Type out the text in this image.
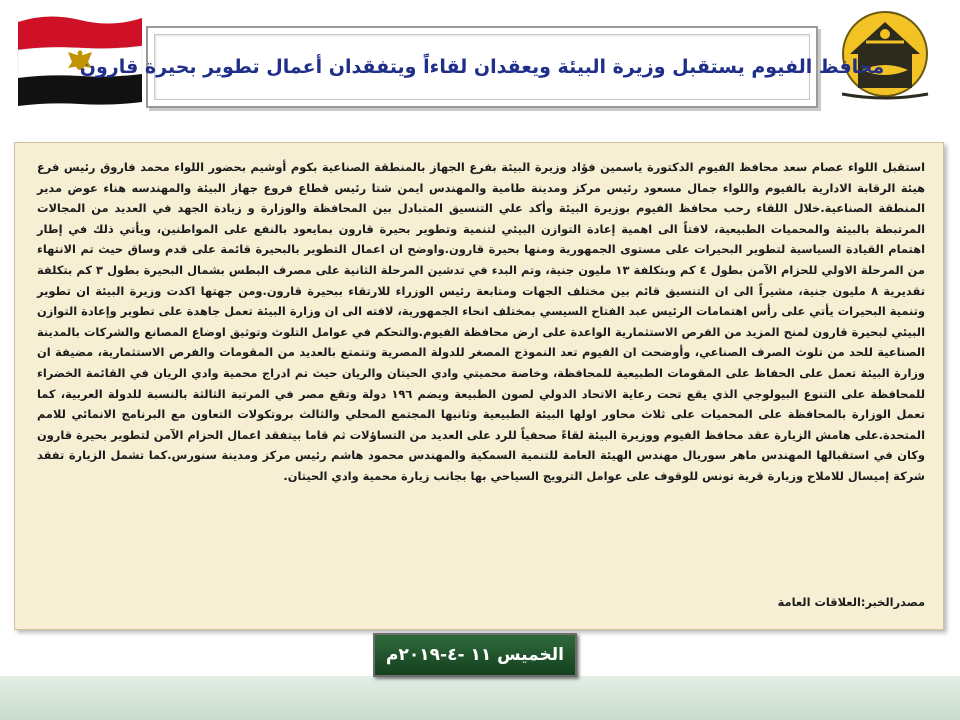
محافظ الفيوم يستقبل وزيرة البيئة ويعقدان لقاءاً ويتفقدان أعمال تطوير بحيرة قارون
استقبل اللواء عصام سعد محافظ الفيوم الدكتورة ياسمين فؤاد وزيرة البيئة بفرع الجهاز بالمنطقة الصناعية بكوم أوشيم بحضور اللواء محمد فاروق رئيس فرع هيئة الرقابة الادارية بالفيوم واللواء جمال مسعود رئيس مركز ومدينة طامية والمهندس ايمن شتا رئيس قطاع فروع جهاز البيئة والمهندسه هناء عوض مدير المنطقة الصناعية.خلال اللقاء رحب محافظ الفيوم بوزيرة البيئة وأكد علي التنسيق المتبادل بين المحافظة والوزارة و زيادة الجهد في العديد من المجالات المرتبطة بالبيئة والمحميات الطبيعية، لافتاً الى اهمية إعادة التوازن البيئي لتنمية وتطوير بحيرة قارون بمايعود بالنفع على المواطنين، ويأتي ذلك في إطار اهتمام القيادة السياسية لتطوير البحيرات على مستوى الجمهورية ومنها بحيرة قارون.واوضح ان اعمال التطوير بالبحيرة قائمة على قدم وساق حيث تم الانتهاء من المرحلة الاولي للحزام الآمن بطول ٤ كم وبتكلفة ١٣ مليون جنية، وتم البدء في تدشين المرحلة الثانية على مصرف البطس بشمال البحيرة بطول ٣ كم بتكلفة تقديرية ٨ مليون جنية، مشيراً الى ان التنسيق قائم بين مختلف الجهات ومتابعة رئيس الوزراء للارتقاء ببحيرة قارون.ومن جهتها اكدت وزيرة البيئة ان تطوير وتنمية البحيرات يأتي على رأس اهتمامات الرئيس عبد الفتاح السيسي بمختلف انحاء الجمهورية، لافته الى ان وزارة البيئة تعمل جاهدة على تطوير وإعادة التوازن البيئي لبحيرة قارون لمنح المزيد من الفرص الاستثمارية الواعدة على ارض محافظة الفيوم.والتحكم في عوامل التلوث وتوثيق اوضاع المصانع والشركات بالمدينة الصناعية للحد من تلوث الصرف الصناعي، وأوضحت ان الفيوم تعد النموذج المصغر للدولة المصرية وتتمتع بالعديد من المقومات والفرص الاستثمارية، مضيفة ان وزارة البيئة تعمل على الحفاظ على المقومات الطبيعية للمحافظة، وخاصة محميتي وادي الحيتان والريان حيث تم ادراج محمية وادي الريان في القائمة الخضراء للمحافظة على التنوع البيولوجي الذي يقع تحت رعاية الاتحاد الدولي لصون الطبيعة ويضم ١٩٦ دولة وتقع مصر في المرتبة الثالثة بالنسبة للدولة العربية، كما تعمل الوزارة بالمحافظة على المحميات على ثلاث محاور اولها البيئة الطبيعية وثانيها المجتمع المحلي والثالث بروتكولات التعاون مع البرنامج الانمائي للامم المتحدة.على هامش الزيارة عقد محافظ الفيوم ووزيرة البيئة لقاءً صحفياً للرد على العديد من التساؤلات ثم قاما بيتفقد اعمال الحزام الآمن لتطوير بحيرة قارون وكان في استقبالها المهندس ماهر سوريال مهندس الهيئة العامة للتنمية السمكية والمهندس محمود هاشم رئيس مركز ومدينة سنورس.كما تشمل الزيارة تفقد شركة إميسال للاملاح وزيارة قرية تونس للوقوف على عوامل الترويج السياحي بها بجانب زيارة محمية وادي الحيتان.
مصدرالخبر:العلاقات العامة
الخميس ١١ -٤-٢٠١٩م
